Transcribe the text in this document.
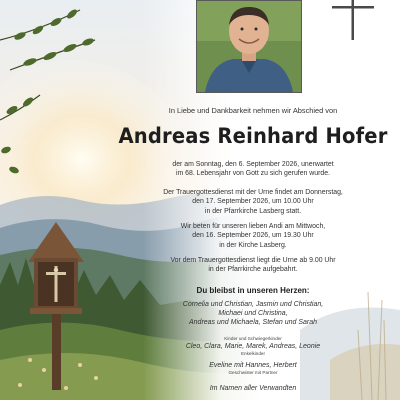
In Liebe und Dankbarkeit nehmen wir Abschied von
Andreas Reinhard Hofer
der am Sonntag, den 6. September 2026, unerwartet
im 68. Lebensjahr von Gott zu sich gerufen wurde.
Der Trauergottesdienst mit der Urne findet am Donnerstag,
den 17. September 2026, um 10.00 Uhr
in der Pfarrkirche Lasberg statt.
Wir beten für unseren lieben Andi am Mittwoch,
den 16. September 2026, um 19.30 Uhr
in der Kirche Lasberg.
Vor dem Trauergottesdienst liegt die Urne ab 9.00 Uhr
in der Pfarrkirche aufgebahrt.
Du bleibst in unseren Herzen:
Cornelia und Christian, Jasmin und Christian,
Michaei und Christina,
Andreas und Michaela, Stefan und Sarah
Kinder und Schwiegerkinder
Cleo, Clara, Marie, Marek, Andreas, Leonie
Enkelkinder
Eveline mit Hannes, Herbert
Geschwister mit Partner
Im Namen aller Verwandten
